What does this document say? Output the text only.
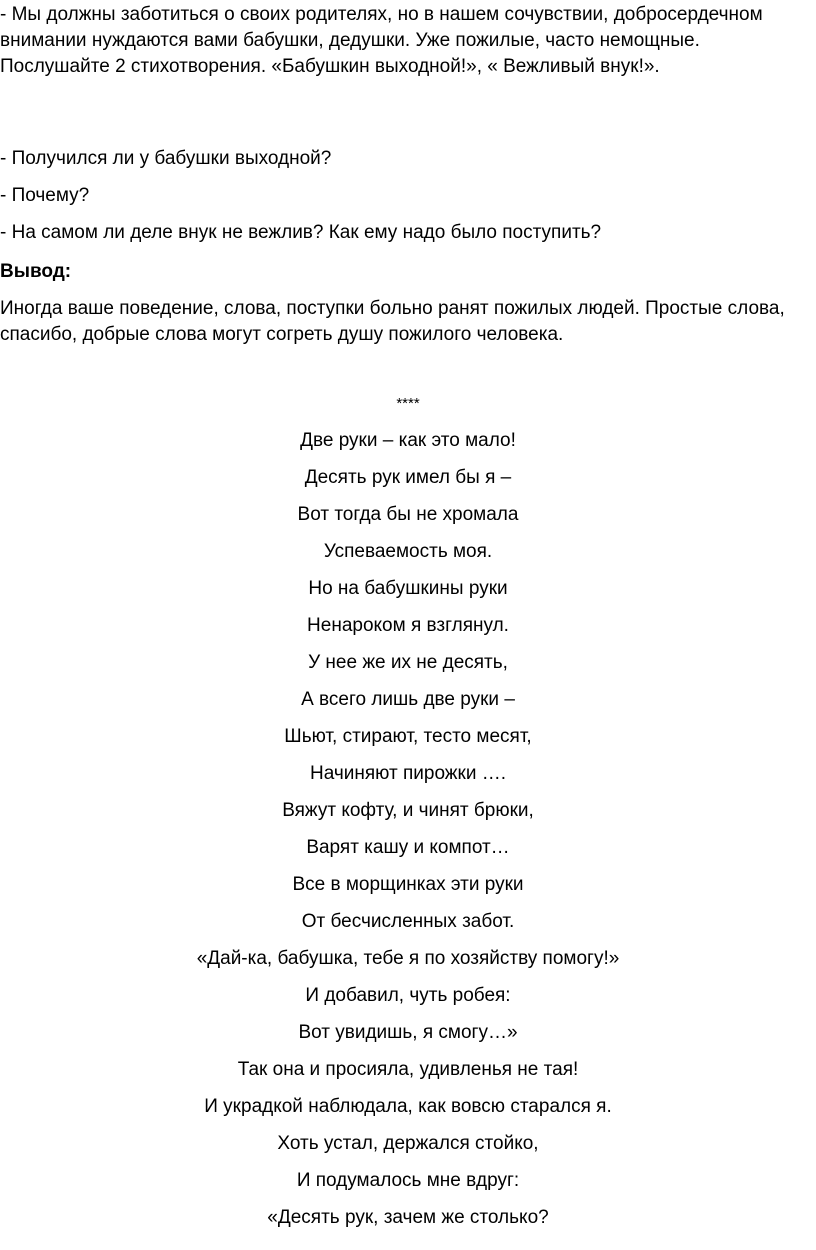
- Мы должны заботиться о своих родителях, но в нашем сочувствии, добросердечном внимании нуждаются вами бабушки, дедушки. Уже пожилые, часто немощные. Послушайте 2 стихотворения. «Бабушкин выходной!», « Вежливый внук!».

- Получился ли у бабушки выходной?

- Почему?

- На самом ли деле внук не вежлив? Как ему надо было поступить?

Вывод:

Иногда ваше поведение, слова, поступки больно ранят пожилых людей. Простые слова, спасибо, добрые слова могут согреть душу пожилого человека.

****
Две руки – как это мало!
Десять рук имел бы я –
Вот тогда бы не хромала
Успеваемость моя.
Но на бабушкины руки
Ненароком я взглянул.
У нее же их не десять,
А всего лишь две руки –
Шьют, стирают, тесто месят,
Начиняют пирожки ….
Вяжут кофту, и чинят брюки,
Варят кашу и компот…
Все в морщинках эти руки
От бесчисленных забот.
«Дай-ка, бабушка, тебе я по хозяйству помогу!»
И добавил, чуть робея:
Вот увидишь, я смогу…»
Так она и просияла, удивленья не тая!
И украдкой наблюдала, как вовсю старался я.
Хоть устал, держался стойко,
И подумалось мне вдруг:
«Десять рук, зачем же столько?
